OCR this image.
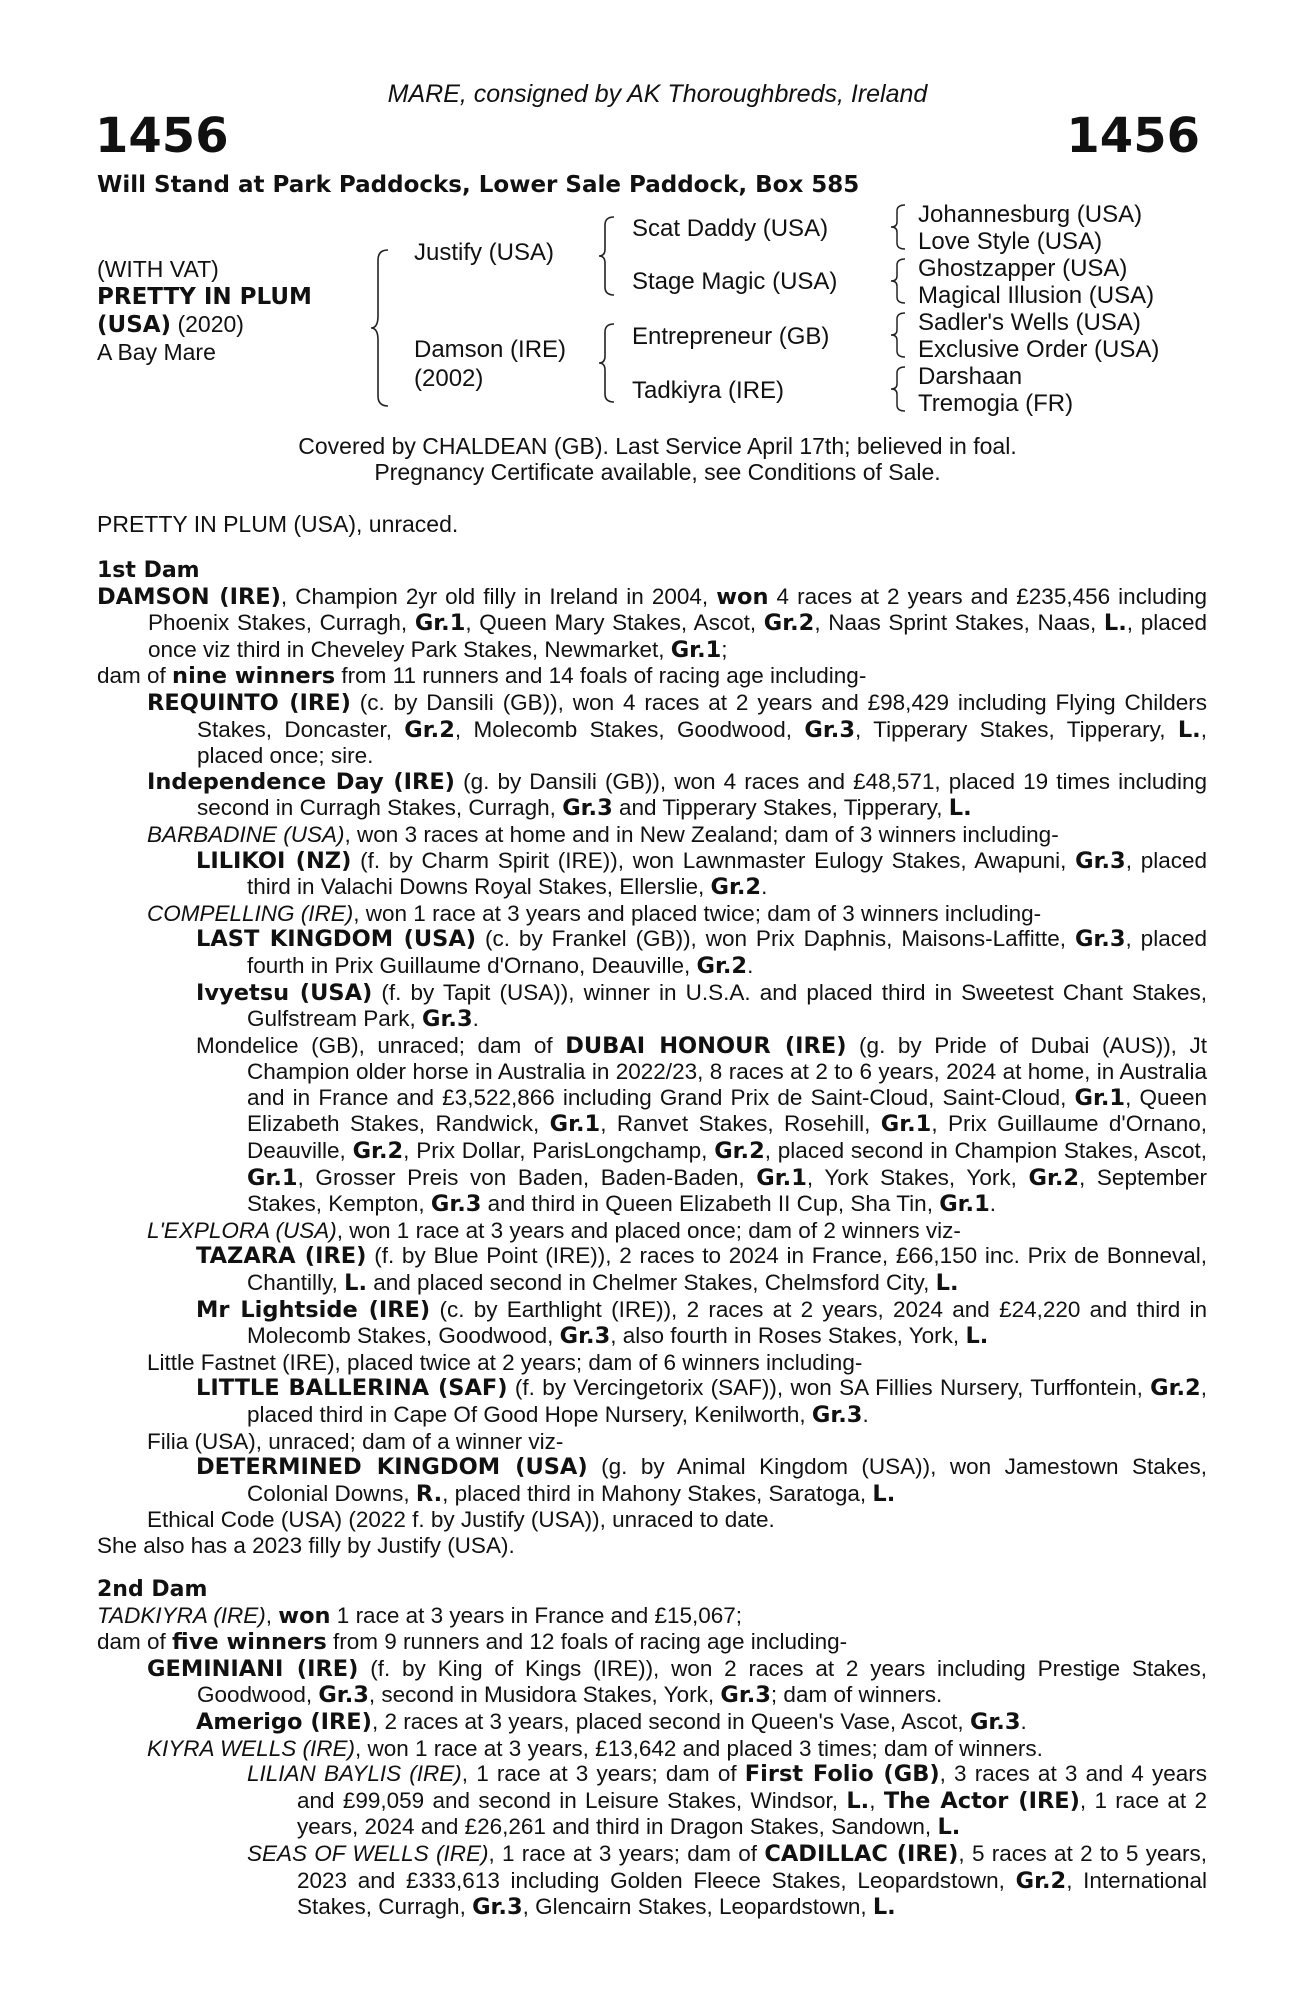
MARE, consigned by AK Thoroughbreds, Ireland
1456	1456
Will Stand at Park Paddocks, Lower Sale Paddock, Box 585
(WITH VAT)
PRETTY IN PLUM
(USA) (2020)
A Bay Mare
Justify (USA)
Damson (IRE)
(2002)
Scat Daddy (USA)
Stage Magic (USA)
Entrepreneur (GB)
Tadkiyra (IRE)
Johannesburg (USA)
Love Style (USA)
Ghostzapper (USA)
Magical Illusion (USA)
Sadler's Wells (USA)
Exclusive Order (USA)
Darshaan
Tremogia (FR)
Covered by CHALDEAN (GB). Last Service April 17th; believed in foal.
Pregnancy Certificate available, see Conditions of Sale.
PRETTY IN PLUM (USA), unraced.

1st Dam

DAMSON (IRE), Champion 2yr old filly in Ireland in 2004, won 4 races at 2 years and £235,456 including Phoenix Stakes, Curragh, Gr.1, Queen Mary Stakes, Ascot, Gr.2, Naas Sprint Stakes, Naas, L., placed once viz third in Cheveley Park Stakes, Newmarket, Gr.1;

dam of nine winners from 11 runners and 14 foals of racing age including-

REQUINTO (IRE) (c. by Dansili (GB)), won 4 races at 2 years and £98,429 including Flying Childers Stakes, Doncaster, Gr.2, Molecomb Stakes, Goodwood, Gr.3, Tipperary Stakes, Tipperary, L., placed once; sire.

Independence Day (IRE) (g. by Dansili (GB)), won 4 races and £48,571, placed 19 times including second in Curragh Stakes, Curragh, Gr.3 and Tipperary Stakes, Tipperary, L.

BARBADINE (USA), won 3 races at home and in New Zealand; dam of 3 winners including-

LILIKOI (NZ) (f. by Charm Spirit (IRE)), won Lawnmaster Eulogy Stakes, Awapuni, Gr.3, placed third in Valachi Downs Royal Stakes, Ellerslie, Gr.2.

COMPELLING (IRE), won 1 race at 3 years and placed twice; dam of 3 winners including-

LAST KINGDOM (USA) (c. by Frankel (GB)), won Prix Daphnis, Maisons-Laffitte, Gr.3, placed fourth in Prix Guillaume d'Ornano, Deauville, Gr.2.

Ivyetsu (USA) (f. by Tapit (USA)), winner in U.S.A. and placed third in Sweetest Chant Stakes, Gulfstream Park, Gr.3.

Mondelice (GB), unraced; dam of DUBAI HONOUR (IRE) (g. by Pride of Dubai (AUS)), Jt Champion older horse in Australia in 2022/23, 8 races at 2 to 6 years, 2024 at home, in Australia and in France and £3,522,866 including Grand Prix de Saint-Cloud, Saint-Cloud, Gr.1, Queen Elizabeth Stakes, Randwick, Gr.1, Ranvet Stakes, Rosehill, Gr.1, Prix Guillaume d'Ornano, Deauville, Gr.2, Prix Dollar, ParisLongchamp, Gr.2, placed second in Champion Stakes, Ascot, Gr.1, Grosser Preis von Baden, Baden-Baden, Gr.1, York Stakes, York, Gr.2, September Stakes, Kempton, Gr.3 and third in Queen Elizabeth II Cup, Sha Tin, Gr.1.

L'EXPLORA (USA), won 1 race at 3 years and placed once; dam of 2 winners viz-

TAZARA (IRE) (f. by Blue Point (IRE)), 2 races to 2024 in France, £66,150 inc. Prix de Bonneval, Chantilly, L. and placed second in Chelmer Stakes, Chelmsford City, L.

Mr Lightside (IRE) (c. by Earthlight (IRE)), 2 races at 2 years, 2024 and £24,220 and third in Molecomb Stakes, Goodwood, Gr.3, also fourth in Roses Stakes, York, L.

Little Fastnet (IRE), placed twice at 2 years; dam of 6 winners including-

LITTLE BALLERINA (SAF) (f. by Vercingetorix (SAF)), won SA Fillies Nursery, Turffontein, Gr.2, placed third in Cape Of Good Hope Nursery, Kenilworth, Gr.3.

Filia (USA), unraced; dam of a winner viz-

DETERMINED KINGDOM (USA) (g. by Animal Kingdom (USA)), won Jamestown Stakes, Colonial Downs, R., placed third in Mahony Stakes, Saratoga, L.

Ethical Code (USA) (2022 f. by Justify (USA)), unraced to date.

She also has a 2023 filly by Justify (USA).

2nd Dam

TADKIYRA (IRE), won 1 race at 3 years in France and £15,067;

dam of five winners from 9 runners and 12 foals of racing age including-

GEMINIANI (IRE) (f. by King of Kings (IRE)), won 2 races at 2 years including Prestige Stakes, Goodwood, Gr.3, second in Musidora Stakes, York, Gr.3; dam of winners.

Amerigo (IRE), 2 races at 3 years, placed second in Queen's Vase, Ascot, Gr.3.

KIYRA WELLS (IRE), won 1 race at 3 years, £13,642 and placed 3 times; dam of winners.

LILIAN BAYLIS (IRE), 1 race at 3 years; dam of First Folio (GB), 3 races at 3 and 4 years and £99,059 and second in Leisure Stakes, Windsor, L., The Actor (IRE), 1 race at 2 years, 2024 and £26,261 and third in Dragon Stakes, Sandown, L.

SEAS OF WELLS (IRE), 1 race at 3 years; dam of CADILLAC (IRE), 5 races at 2 to 5 years, 2023 and £333,613 including Golden Fleece Stakes, Leopardstown, Gr.2, International Stakes, Curragh, Gr.3, Glencairn Stakes, Leopardstown, L.
